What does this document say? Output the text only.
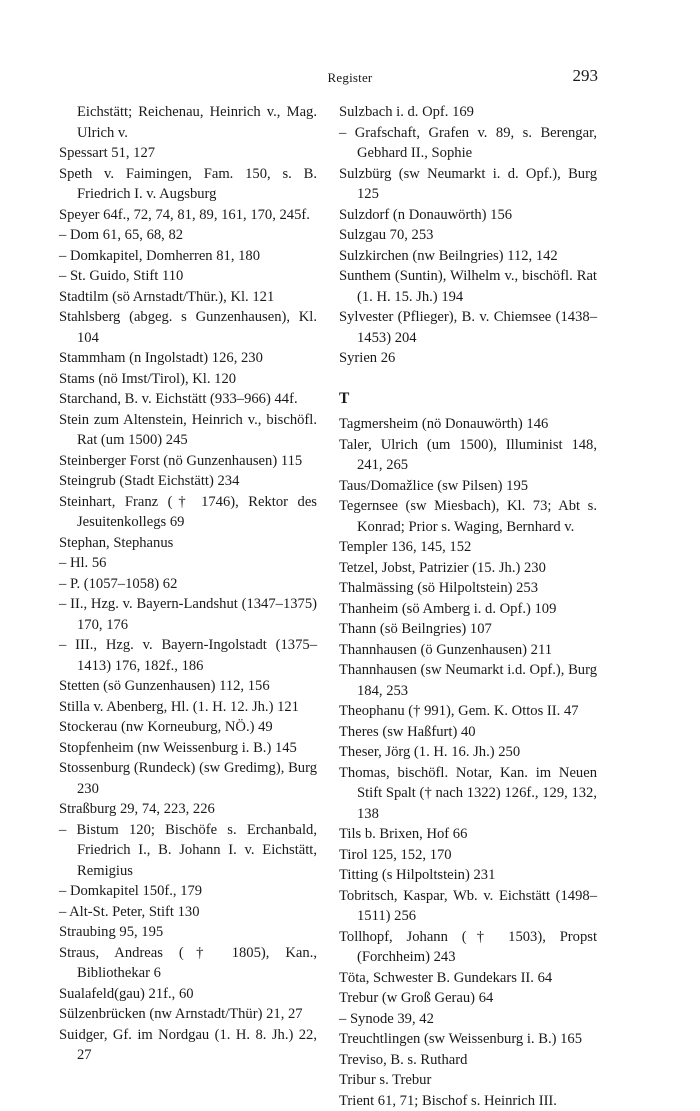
Register	293
Eichstätt; Reichenau, Heinrich v., Mag. Ulrich v.
Spessart 51, 127
Speth v. Faimingen, Fam. 150, s. B. Friedrich I. v. Augsburg
Speyer 64f., 72, 74, 81, 89, 161, 170, 245f.
– Dom 61, 65, 68, 82
– Domkapitel, Domherren 81, 180
– St. Guido, Stift 110
Stadtilm (sö Arnstadt/Thür.), Kl. 121
Stahlsberg (abgeg. s Gunzenhausen), Kl. 104
Stammham (n Ingolstadt) 126, 230
Stams (nö Imst/Tirol), Kl. 120
Starchand, B. v. Eichstätt (933–966) 44f.
Stein zum Altenstein, Heinrich v., bischöfl. Rat (um 1500) 245
Steinberger Forst (nö Gunzenhausen) 115
Steingrub (Stadt Eichstätt) 234
Steinhart, Franz († 1746), Rektor des Jesuitenkollegs 69
Stephan, Stephanus
– Hl. 56
– P. (1057–1058) 62
– II., Hzg. v. Bayern-Landshut (1347–1375) 170, 176
– III., Hzg. v. Bayern-Ingolstadt (1375–1413) 176, 182f., 186
Stetten (sö Gunzenhausen) 112, 156
Stilla v. Abenberg, Hl. (1. H. 12. Jh.) 121
Stockerau (nw Korneuburg, NÖ.) 49
Stopfenheim (nw Weissenburg i. B.) 145
Stossenburg (Rundeck) (sw Gredimg), Burg 230
Straßburg 29, 74, 223, 226
– Bistum 120; Bischöfe s. Erchanbald, Friedrich I., B. Johann I. v. Eichstätt, Remigius
– Domkapitel 150f., 179
– Alt-St. Peter, Stift 130
Straubing 95, 195
Straus, Andreas († 1805), Kan., Bibliothekar 6
Sualafeld(gau) 21f., 60
Sülzenbrücken (nw Arnstadt/Thür) 21, 27
Suidger, Gf. im Nordgau (1. H. 8. Jh.) 22, 27
Sulzbach i. d. Opf. 169
– Grafschaft, Grafen v. 89, s. Berengar, Gebhard II., Sophie
Sulzbürg (sw Neumarkt i. d. Opf.), Burg 125
Sulzdorf (n Donauwörth) 156
Sulzgau 70, 253
Sulzkirchen (nw Beilngries) 112, 142
Sunthem (Suntin), Wilhelm v., bischöfl. Rat (1. H. 15. Jh.) 194
Sylvester (Pflieger), B. v. Chiemsee (1438–1453) 204
Syrien 26
T
Tagmersheim (nö Donauwörth) 146
Taler, Ulrich (um 1500), Illuminist 148, 241, 265
Taus/Domažlice (sw Pilsen) 195
Tegernsee (sw Miesbach), Kl. 73; Abt s. Konrad; Prior s. Waging, Bernhard v.
Templer 136, 145, 152
Tetzel, Jobst, Patrizier (15. Jh.) 230
Thalmässing (sö Hilpoltstein) 253
Thanheim (sö Amberg i. d. Opf.) 109
Thann (sö Beilngries) 107
Thannhausen (ö Gunzenhausen) 211
Thannhausen (sw Neumarkt i.d. Opf.), Burg 184, 253
Theophanu († 991), Gem. K. Ottos II. 47
Theres (sw Haßfurt) 40
Theser, Jörg (1. H. 16. Jh.) 250
Thomas, bischöfl. Notar, Kan. im Neuen Stift Spalt († nach 1322) 126f., 129, 132, 138
Tils b. Brixen, Hof 66
Tirol 125, 152, 170
Titting (s Hilpoltstein) 231
Tobritsch, Kaspar, Wb. v. Eichstätt (1498–1511) 256
Tollhopf, Johann († 1503), Propst (Forchheim) 243
Töta, Schwester B. Gundekars II. 64
Trebur (w Groß Gerau) 64
– Synode 39, 42
Treuchtlingen (sw Weissenburg i. B.) 165
Treviso, B. s. Ruthard
Tribur s. Trebur
Trient 61, 71; Bischof s. Heinrich III.
